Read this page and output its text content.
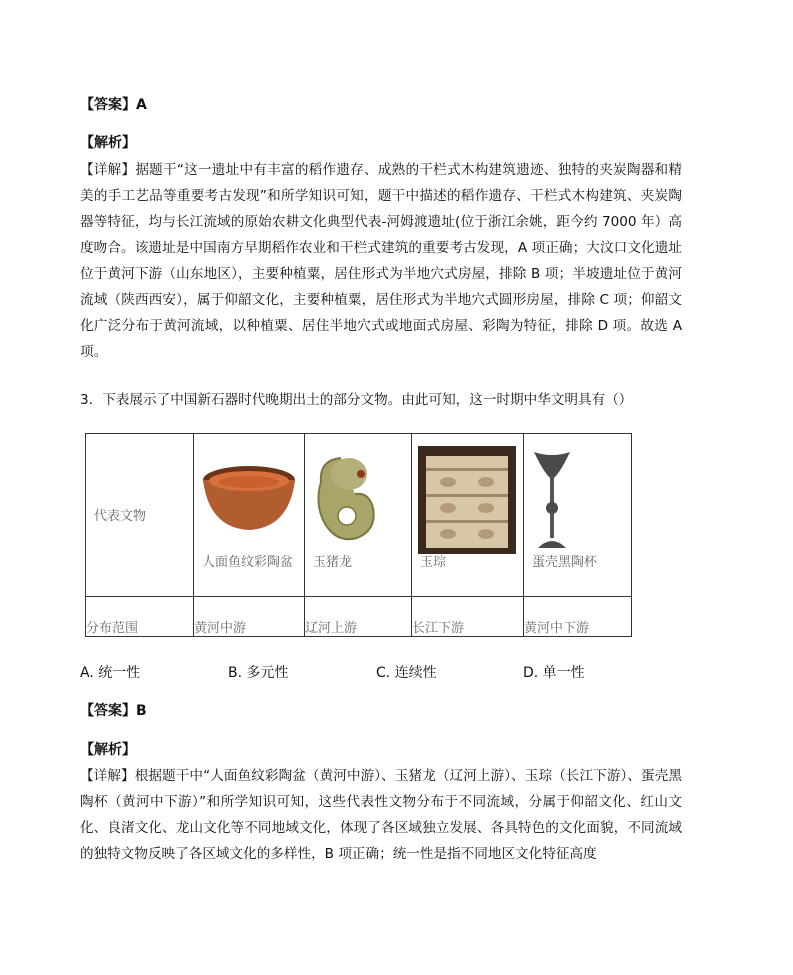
【答案】A
【解析】
【详解】据题干“这一遗址中有丰富的稻作遗存、成熟的干栏式木构建筑遗迹、独特的夹炭陶器和精美的手工艺品等重要考古发现”和所学知识可知，题干中描述的稻作遗存、干栏式木构建筑、夹炭陶器等特征，均与长江流域的原始农耕文化典型代表-河姆渡遗址(位于浙江余姚，距今约 7000 年）高度吻合。该遗址是中国南方早期稻作农业和干栏式建筑的重要考古发现，A 项正确；大汶口文化遗址位于黄河下游（山东地区），主要种植粟，居住形式为半地穴式房屋，排除 B 项；半坡遗址位于黄河流域（陕西西安），属于仰韶文化，主要种植粟，居住形式为半地穴式圆形房屋，排除 C 项；仰韶文化广泛分布于黄河流域，以种植粟、居住半地穴式或地面式房屋、彩陶为特征，排除 D 项。故选 A 项。
3．下表展示了中国新石器时代晚期出土的部分文物。由此可知，这一时期中华文明具有（）
代表文物	人面鱼纹彩陶盆	玉猪龙	玉琮	蛋壳黑陶杯

分布范围	黄河中游	辽河上游	长江下游	黄河中下游
A. 统一性	B. 多元性	C. 连续性	D. 单一性
【答案】B
【解析】
【详解】根据题干中“人面鱼纹彩陶盆（黄河中游）、玉猪龙（辽河上游）、玉琮（长江下游）、蛋壳黑陶杯（黄河中下游）”和所学知识可知，这些代表性文物分布于不同流域，分属于仰韶文化、红山文化、良渚文化、龙山文化等不同地域文化，体现了各区域独立发展、各具特色的文化面貌，不同流域的独特文物反映了各区域文化的多样性，B 项正确；统一性是指不同地区文化特征高度
